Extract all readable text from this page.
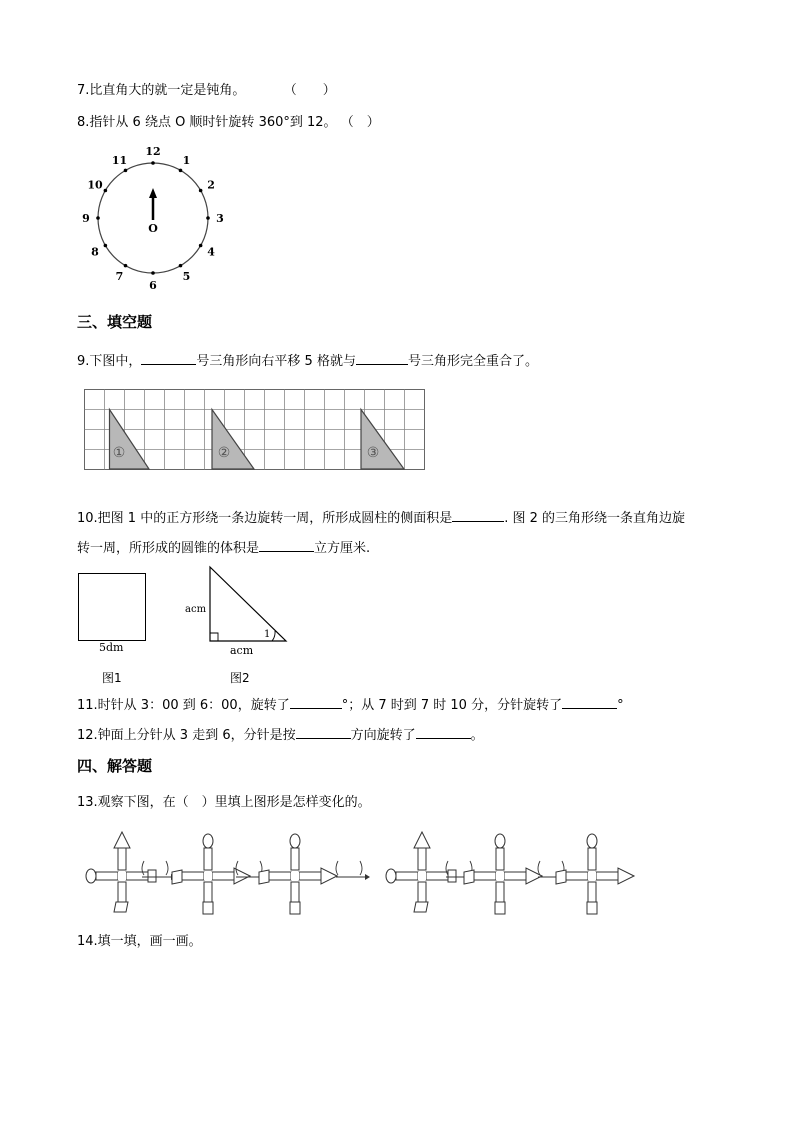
7.比直角大的就一定是钝角。	（　　）
8.指针从 6 绕点 O 顺时针旋转 360°到 12。 （　）
12
1
2
3
4
5
6
7
8
9
10
11
O
三、填空题
9.下图中，	号三角形向右平移 5 格就与	号三角形完全重合了。
①	②	③
10.把图 1 中的正方形绕一条边旋转一周，所形成圆柱的侧面积是	. 图 2 的三角形绕一条直角边旋
转一周，所形成的圆锥的体积是	立方厘米.
5dm
图1
acm
1
acm
图2
11.时针从 3：00 到 6：00，旋转了	°；从 7 时到 7 时 10 分，分针旋转了	°
12.钟面上分针从 3 走到 6，分针是按	方向旋转了	。
四、解答题
13.观察下图，在（　）里填上图形是怎样变化的。
14.填一填，画一画。
